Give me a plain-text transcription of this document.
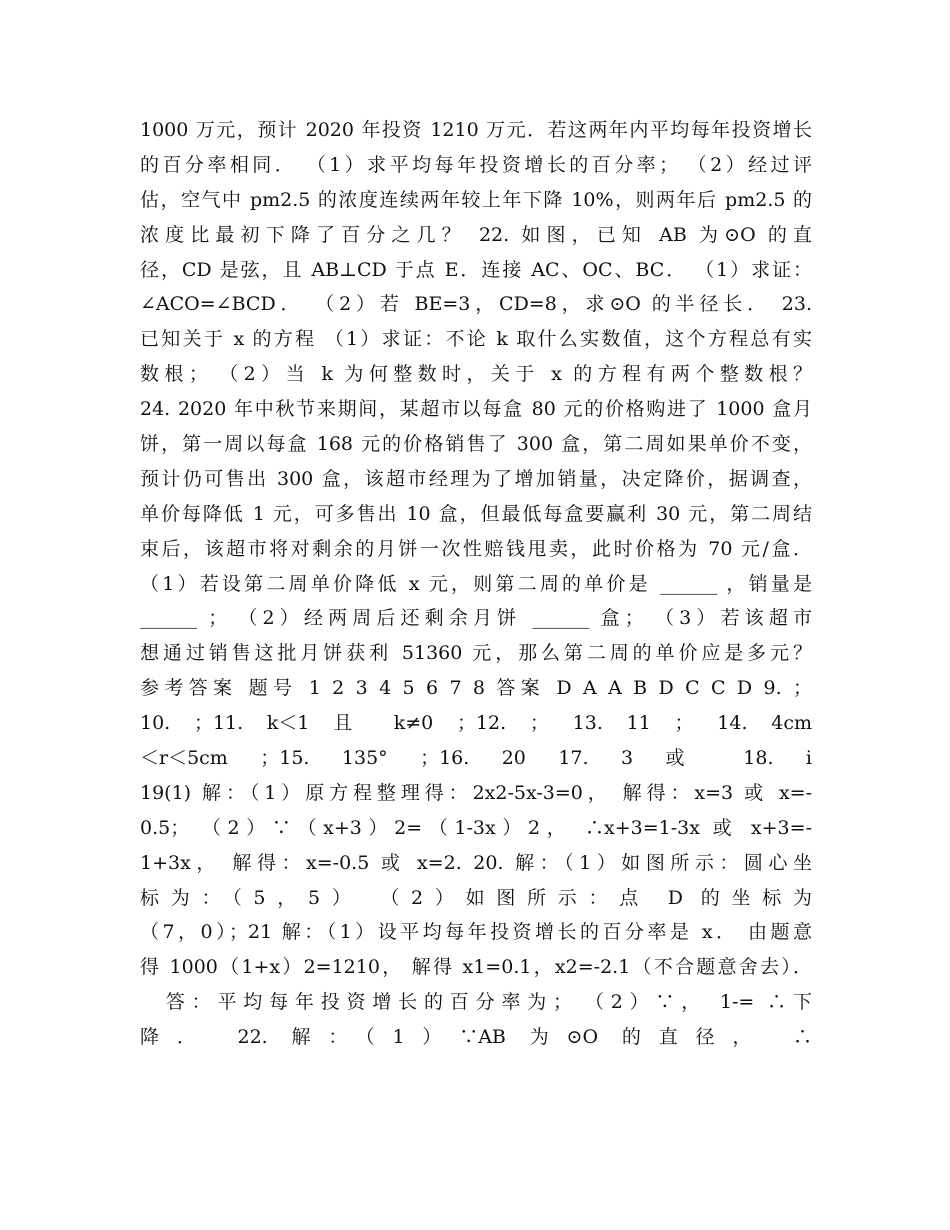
1000 万元，预计 2020 年投资 1210 万元．若这两年内平均每年投资增长
的百分率相同． （1）求平均每年投资增长的百分率； （2）经过评
估，空气中 pm2.5 的浓度连续两年较上年下降 10%，则两年后 pm2.5 的
浓度比最初下降了百分之几？ 22. 如图，已知 AB 为⊙O 的直
径，CD 是弦，且 AB⊥CD 于点 E．连接 AC、OC、BC． （1）求证：
∠ACO=∠BCD． （2）若 BE=3，CD=8，求⊙O 的半径长． 23.
已知关于 x 的方程 （1）求证：不论 k 取什么实数值，这个方程总有实
数根； （2）当 k 为何整数时，关于 x 的方程有两个整数根？
24. 2020 年中秋节来期间，某超市以每盒 80 元的价格购进了 1000 盒月
饼，第一周以每盒 168 元的价格销售了 300 盒，第二周如果单价不变，
预计仍可售出 300 盒，该超市经理为了增加销量，决定降价，据调查，
单价每降低 1 元，可多售出 10 盒，但最低每盒要赢利 30 元，第二周结
束后，该超市将对剩余的月饼一次性赔钱甩卖，此时价格为 70 元/盒．
（1）若设第二周单价降低 x 元，则第二周的单价是 ______ ，销量是
______ ； （2）经两周后还剩余月饼 ______ 盒； （3）若该超市
想通过销售这批月饼获利 51360 元，那么第二周的单价应是多元？
参考答案 题号 1 2 3 4 5 6 7 8 答案 D A A B D C C D 9. ；
10. ；11. k＜1 且 k≠0 ；12. ； 13. 11 ； 14. 4cm
＜r＜5cm ；15. 135° ；16. 20 17. 3 或 18. i
19(1) 解：（1）原方程整理得：2x2-5x-3=0， 解得：x=3 或 x=-
0.5； （2）∵（x+3）2=（1-3x）2， ∴x+3=1-3x 或 x+3=-
1+3x， 解得：x=-0.5 或 x=2. 20. 解：（1）如图所示：圆心坐
标为：（5，5） （2）如图所示：点 D 的坐标为
（7，0）；21 解：（1）设平均每年投资增长的百分率是 x． 由题意
得 1000（1+x）2=1210， 解得 x1=0.1，x2=-2.1（不合题意舍去）．
　答：平均每年投资增长的百分率为； （2）∵， 1-= ∴下
降． 22. 解：（1）∵AB 为⊙O 的直径， ∴
